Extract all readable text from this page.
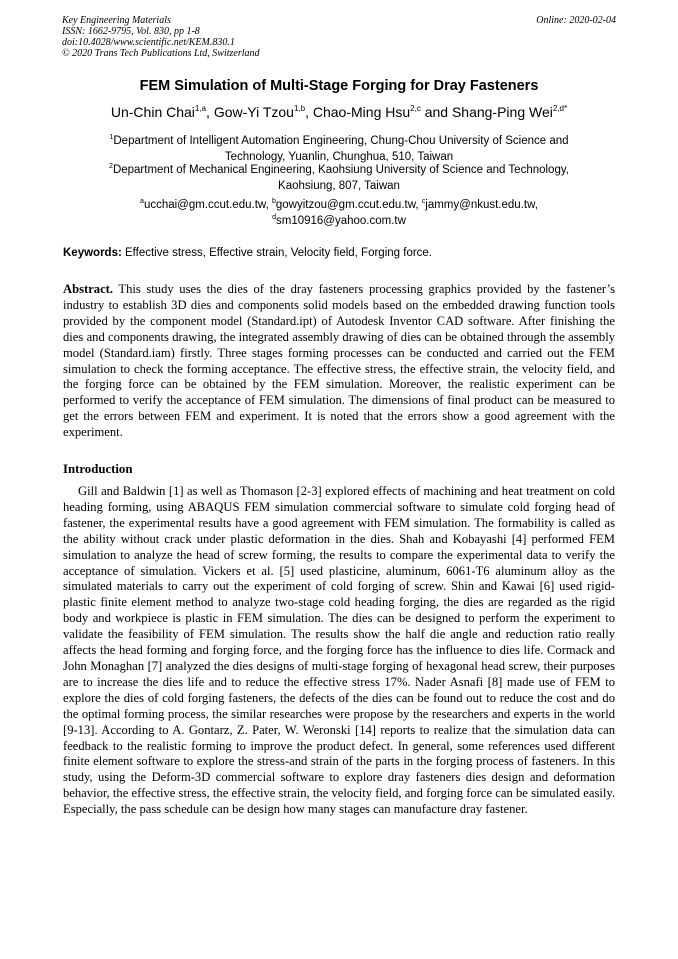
Key Engineering Materials
ISSN: 1662-9795, Vol. 830, pp 1-8
doi:10.4028/www.scientific.net/KEM.830.1
© 2020 Trans Tech Publications Ltd, Switzerland
Online: 2020-02-04
FEM Simulation of Multi-Stage Forging for Dray Fasteners
Un-Chin Chai$^{1,a}$, Gow-Yi Tzou$^{1,b}$, Chao-Ming Hsu$^{2,c}$ and Shang-Ping Wei$^{2,d*}$
$^1$Department of Intelligent Automation Engineering, Chung-Chou University of Science and
Technology, Yuanlin, Chunghua, 510, Taiwan
$^2$Department of Mechanical Engineering, Kaohsiung University of Science and Technology,
Kaohsiung, 807, Taiwan
$^a$ucchai@gm.ccut.edu.tw, $^b$gowyitzou@gm.ccut.edu.tw, $^c$jammy@nkust.edu.tw,
$^d$sm10916@yahoo.com.tw
Keywords: Effective stress, Effective strain, Velocity field, Forging force.
Abstract. This study uses the dies of the dray fasteners processing graphics provided by the fastener’s industry to establish 3D dies and components solid models based on the embedded drawing function tools provided by the component model (Standard.ipt) of Autodesk Inventor CAD software. After finishing the dies and components drawing, the integrated assembly drawing of dies can be obtained through the assembly model (Standard.iam) firstly. Three stages forming processes can be conducted and carried out the FEM simulation to check the forming acceptance. The effective stress, the effective strain, the velocity field, and the forging force can be obtained by the FEM simulation. Moreover, the realistic experiment can be performed to verify the acceptance of FEM simulation. The dimensions of final product can be measured to get the errors between FEM and experiment. It is noted that the errors show a good agreement with the experiment.
Introduction
Gill and Baldwin [1] as well as Thomason [2-3] explored effects of machining and heat treatment on cold heading forming, using ABAQUS FEM simulation commercial software to simulate cold forging head of fastener, the experimental results have a good agreement with FEM simulation. The formability is called as the ability without crack under plastic deformation in the dies. Shah and Kobayashi [4] performed FEM simulation to analyze the head of screw forming, the results to compare the experimental data to verify the acceptance of simulation. Vickers et al. [5] used plasticine, aluminum, 6061-T6 aluminum alloy as the simulated materials to carry out the experiment of cold forging of screw. Shin and Kawai [6] used rigid-plastic finite element method to analyze two-stage cold heading forging, the dies are regarded as the rigid body and workpiece is plastic in FEM simulation. The dies can be designed to perform the experiment to validate the feasibility of FEM simulation. The results show the half die angle and reduction ratio really affects the head forming and forging force, and the forging force has the influence to dies life. Cormack and John Monaghan [7] analyzed the dies designs of multi-stage forging of hexagonal head screw, their purposes are to increase the dies life and to reduce the effective stress 17%. Nader Asnafi [8] made use of FEM to explore the dies of cold forging fasteners, the defects of the dies can be found out to reduce the cost and do the optimal forming process, the similar researches were propose by the researchers and experts in the world [9-13]. According to A. Gontarz, Z. Pater, W. Weronski [14] reports to realize that the simulation data can feedback to the realistic forming to improve the product defect. In general, some references used different finite element software to explore the stress-and strain of the parts in the forging process of fasteners. In this study, using the Deform-3D commercial software to explore dray fasteners dies design and deformation behavior, the effective stress, the effective strain, the velocity field, and forging force can be simulated easily. Especially, the pass schedule can be design how many stages can manufacture dray fastener.
